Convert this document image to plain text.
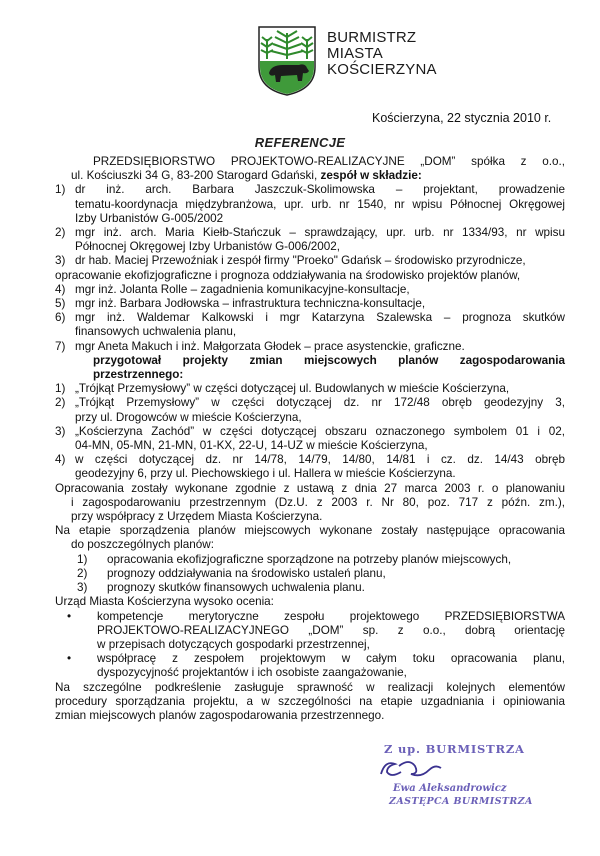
BURMISTRZ
MIASTA
KOŚCIERZYNA
Kościerzyna, 22 stycznia 2010 r.
REFERENCJE

PRZEDSIĘBIORSTWO PROJEKTOWO-REALIZACYJNE „DOM” spółka z o.o.,

ul. Kościuszki 34 G, 83-200 Starogard Gdański, zespół w składzie:

1) dr inż. arch. Barbara Jaszczuk-Skolimowska – projektant, prowadzenie

tematu-koordynacja międzybranżowa, upr. urb. nr 1540, nr wpisu Północnej Okręgowej

Izby Urbanistów G-005/2002

2) mgr inż. arch. Maria Kiełb-Stańczuk – sprawdzający, upr. urb. nr 1334/93, nr wpisu

Północnej Okręgowej Izby Urbanistów G-006/2002,

3) dr hab. Maciej Przewoźniak i zespół firmy "Proeko" Gdańsk – środowisko przyrodnicze,

opracowanie ekofizjograficzne i prognoza oddziaływania na środowisko projektów planów,

4) mgr inż. Jolanta Rolle – zagadnienia komunikacyjne-konsultacje,

5) mgr inż. Barbara Jodłowska – infrastruktura techniczna-konsultacje,

6) mgr inż. Waldemar Kalkowski i mgr Katarzyna Szalewska – prognoza skutków

finansowych uchwalenia planu,

7) mgr Aneta Makuch i inż. Małgorzata Głodek – prace asystenckie, graficzne.

przygotował projekty zmian miejscowych planów zagospodarowania

przestrzennego:

1) „Trójkąt Przemysłowy” w części dotyczącej ul. Budowlanych w mieście Kościerzyna,

2) „Trójkąt Przemysłowy” w części dotyczącej dz. nr 172/48 obręb geodezyjny 3,

przy ul. Drogowców w mieście Kościerzyna,

3) „Kościerzyna Zachód” w części dotyczącej obszaru oznaczonego symbolem 01 i 02,

04-MN, 05-MN, 21-MN, 01-KX, 22-U, 14-UZ w mieście Kościerzyna,

4) w części dotyczącej dz. nr 14/78, 14/79, 14/80, 14/81 i cz. dz. 14/43 obręb

geodezyjny 6, przy ul. Piechowskiego i ul. Hallera w mieście Kościerzyna.

Opracowania zostały wykonane zgodnie z ustawą z dnia 27 marca 2003 r. o planowaniu

i zagospodarowaniu przestrzennym (Dz.U. z 2003 r. Nr 80, poz. 717 z późn. zm.),

przy współpracy z Urzędem Miasta Kościerzyna.

Na etapie sporządzenia planów miejscowych wykonane zostały następujące opracowania

do poszczególnych planów:

1)	opracowania ekofizjograficzne sporządzone na potrzeby planów miejscowych,

2)	prognozy oddziaływania na środowisko ustaleń planu,

3)	prognozy skutków finansowych uchwalenia planu.

Urząd Miasta Kościerzyna wysoko ocenia:

•	kompetencje merytoryczne zespołu projektowego PRZEDSIĘBIORSTWA

PROJEKTOWO-REALIZACYJNEGO „DOM” sp. z o.o., dobrą orientację

w przepisach dotyczących gospodarki przestrzennej,

•	współpracę z zespołem projektowym w całym toku opracowania planu,

dyspozycyjność projektantów i ich osobiste zaangażowanie,

Na szczególne podkreślenie zasługuje sprawność w realizacji kolejnych elementów

procedury sporządzania projektu, a w szczególności na etapie uzgadniania i opiniowania

zmian miejscowych planów zagospodarowania przestrzennego.

Z up. BURMISTRZA
Ewa Aleksandrowicz
ZASTĘPCA BURMISTRZA
